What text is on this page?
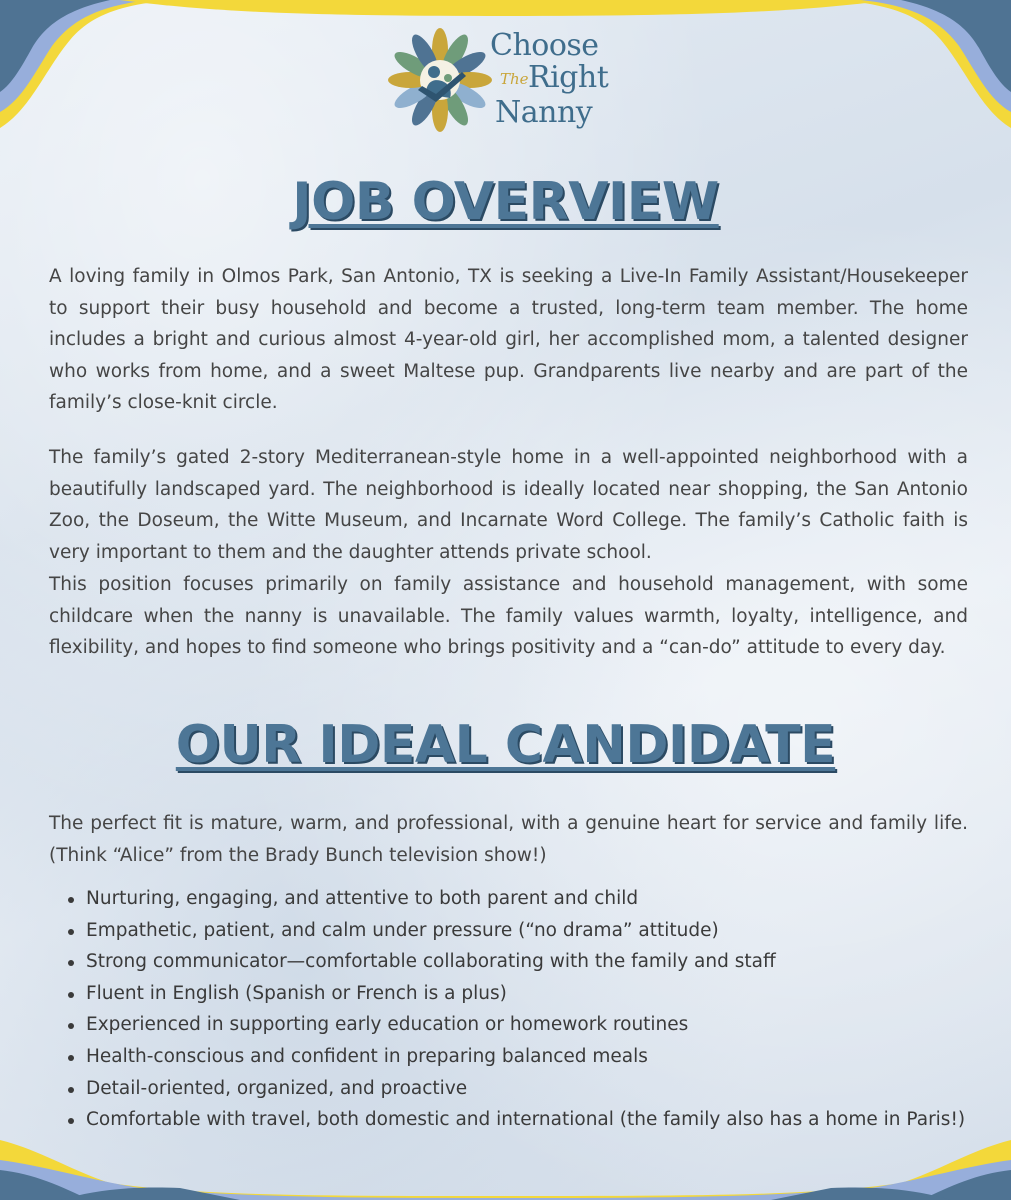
Choose
The Right
Nanny
JOB OVERVIEW

A loving family in Olmos Park, San Antonio, TX is seeking a Live-In Family Assistant/Housekeeper to support their busy household and become a trusted, long-term team member. The home includes a bright and curious almost 4-year-old girl, her accomplished mom, a talented designer who works from home, and a sweet Maltese pup. Grandparents live nearby and are part of the family’s close-knit circle.

The family’s gated 2-story Mediterranean-style home in a well-appointed neighborhood with a beautifully landscaped yard. The neighborhood is ideally located near shopping, the San Antonio Zoo, the Doseum, the Witte Museum, and Incarnate Word College. The family’s Catholic faith is very important to them and the daughter attends private school.

This position focuses primarily on family assistance and household management, with some childcare when the nanny is unavailable. The family values warmth, loyalty, intelligence, and flexibility, and hopes to find someone who brings positivity and a “can-do” attitude to every day.

OUR IDEAL CANDIDATE

The perfect fit is mature, warm, and professional, with a genuine heart for service and family life. (Think “Alice” from the Brady Bunch television show!)

Nurturing, engaging, and attentive to both parent and child
Empathetic, patient, and calm under pressure (“no drama” attitude)
Strong communicator—comfortable collaborating with the family and staff
Fluent in English (Spanish or French is a plus)
Experienced in supporting early education or homework routines
Health-conscious and confident in preparing balanced meals
Detail-oriented, organized, and proactive
Comfortable with travel, both domestic and international (the family also has a home in Paris!)
